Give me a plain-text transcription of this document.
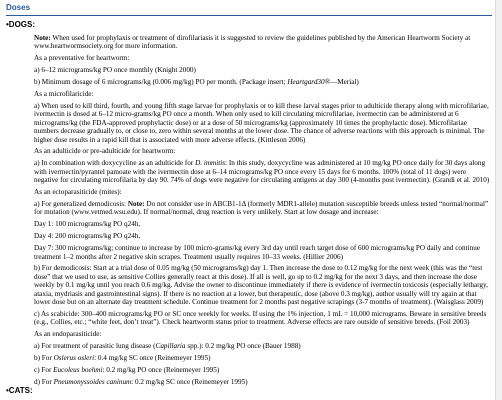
Doses
•DOGS:
Note: When used for prophylaxis or treatment of dirofilariasis it is suggested to review the guidelines published by the American Heartworm Society at www.heartwormsociety.org for more information.
As a preventative for heartworm:
a) 6–12 micrograms/kg PO once monthly (Knight 2000)
b) Minimum dosage of 6 micrograms/kg (0.006 mg/kg) PO per month. (Package insert; Heartgard30®—Merial)
As a microfilaricide:
a) When used to kill third, fourth, and young fifth stage larvae for prophylaxis or to kill these larval stages prior to adulticide therapy along with microfilariae, ivermectin is dosed at 6–12 micro-grams/kg PO once a month. When only used to kill circulating microfilariae, ivermectin can be administered at 6 micrograms/kg (the FDA-approved prophylactic dose) or at a dose of 50 micrograms/kg (approximately 10 times the prophylactic dose). Microfilariae numbers decrease gradually to, or close to, zero within several months at the lower dose. The chance of adverse reactions with this approach is minimal. The higher dose results in a rapid kill that is associated with more adverse effects. (Kittleson 2006)
As an adulticide or pre-adulticide for heartworm:
a) In combination with doxycycline as an adulticide for D. immitis: In this study, doxycycline was administered at 10 mg/kg PO once daily for 30 days along with ivermectin/pyrantel pamoate with the ivermectin dose at 6–14 micrograms/kg PO once every 15 days for 6 months. 100% (total of 11 dogs) were negative for circulating microfilaria by day 90. 74% of dogs were negative for circulating antigens at day 300 (4-months post ivermectin). (Grandi et al. 2010)
As an ectoparasiticide (mites):
a) For generalized demodicosis: Note: Do not consider use in ABCB1-1Δ (formerly MDR1-allele) mutation susceptible breeds unless tested “normal/normal” for mutation (www.vetmed.wsu.edu). If normal/normal, drug reaction is very unlikely. Start at low dosage and increase:
Day 1: 100 micrograms/kg PO q24h,
Day 4: 200 micrograms/kg PO q24h,
Day 7: 300 micrograms/kg; continue to increase by 100 micro-grams/kg every 3rd day until reach target dose of 600 micrograms/kg PO daily and continue treatment 1–2 months after 2 negative skin scrapes. Treatment usually requires 10–33 weeks. (Hillier 2006)
b) For demodicosis: Start at a trial dose of 0.05 mg/kg (50 micrograms/kg) day 1. Then increase the dose to 0.12 mg/kg for the next week (this was the “test dose” that we used to use, as sensitive Collies generally react at this dose). If all is well, go up to 0.2 mg/kg for the next 3 days, and then increase the dose weekly by 0.1 mg/kg until you reach 0.6 mg/kg. Advise the owner to discontinue immediately if there is evidence of ivermectin toxicosis (especially lethargy, ataxia, mydriasis and gastrointestinal signs). If there is no reaction at a lower, but therapeutic, dose (above 0.3 mg/kg), author usually will try again at that lower dose but on an alternate day treatment schedule. Continue treatment for 2 months past negative scrapings (3-7 months of treatment). (Waisglass 2009)
c) As scabicide: 300–400 micrograms/kg PO or SC once weekly for weeks. If using the 1% injection, 1 mL = 10,000 micrograms. Beware in sensitive breeds (e.g., Collies, etc.; “white feet, don’t treat”). Check heartworm status prior to treatment. Adverse effects are rare outside of sensitive breeds. (Foil 2003)
As an endoparasiticide:
a) For treatment of parasitic lung disease (Capillaria spp.): 0.2 mg/kg PO once (Bauer 1988)
b) For Oslerus osleri: 0.4 mg/kg SC once (Reinemeyer 1995)
c) For Eucoleus boehmi: 0.2 mg/kg PO once (Reinemeyer 1995)
d) For Pneumonyssoides caninum: 0.2 mg/kg SC once (Reinemeyer 1995)
•CATS:
